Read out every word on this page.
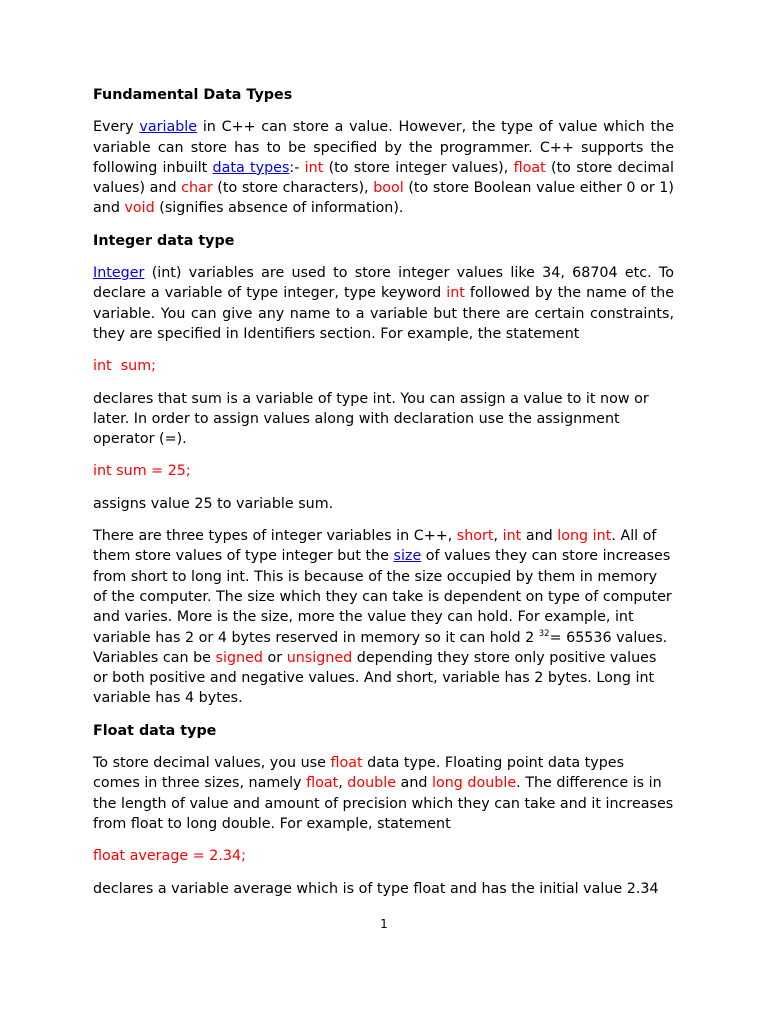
Fundamental Data Types

Every variable in C++ can store a value. However, the type of value which the variable can store has to be specified by the programmer. C++ supports the following inbuilt data types:- int (to store integer values), float (to store decimal values) and char (to store characters), bool (to store Boolean value either 0 or 1) and void (signifies absence of information).

Integer data type

Integer (int) variables are used to store integer values like 34, 68704 etc. To declare a variable of type integer, type keyword int followed by the name of the variable. You can give any name to a variable but there are certain constraints, they are specified in Identifiers section. For example, the statement

int  sum;

declares that sum is a variable of type int. You can assign a value to it now or later. In order to assign values along with declaration use the assignment operator (=).

int sum = 25;

assigns value 25 to variable sum.

There are three types of integer variables in C++, short, int and long int. All of them store values of type integer but the size of values they can store increases from short to long int. This is because of the size occupied by them in memory of the computer. The size which they can take is dependent on type of computer and varies. More is the size, more the value they can hold. For example, int variable has 2 or 4 bytes reserved in memory so it can hold 2 $^{32}$= 65536 values. Variables can be signed or unsigned depending they store only positive values or both positive and negative values. And short, variable has 2 bytes. Long int variable has 4 bytes.

Float data type

To store decimal values, you use float data type. Floating point data types comes in three sizes, namely float, double and long double. The difference is in the length of value and amount of precision which they can take and it increases from float to long double. For example, statement

float average = 2.34;

declares a variable average which is of type float and has the initial value 2.34

1
